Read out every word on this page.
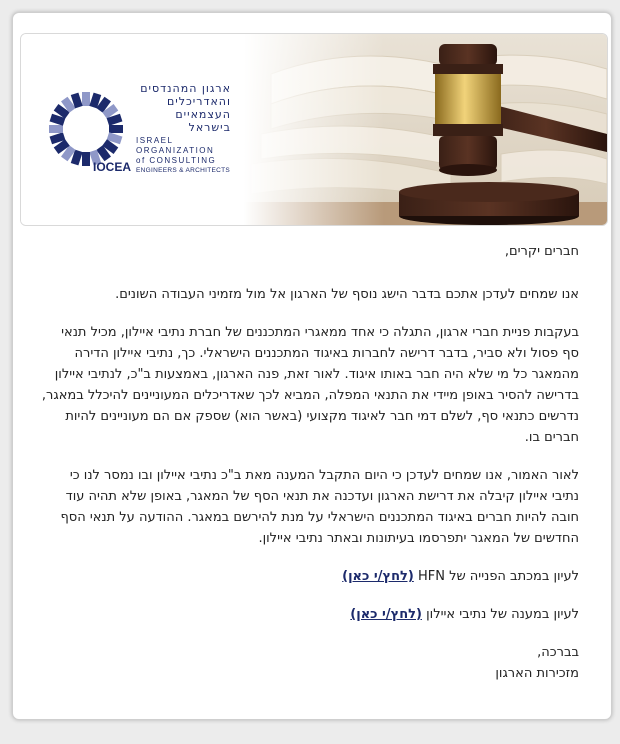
ארגון המהנדסים
והאדריכלים
העצמאיים
בישראל
ISRAEL
ORGANIZATION
of CONSULTING
ENGINEERS & ARCHITECTS
IOCEA

חברים יקרים,

אנו שמחים לעדכן אתכם בדבר הישג נוסף של הארגון אל מול מזמיני העבודה השונים.

בעקבות פניית חברי ארגון, התגלה כי אחד ממאגרי המתכננים של חברת נתיבי איילון, מכיל תנאי סף פסול ולא סביר, בדבר דרישה לחברות באיגוד המתכננים הישראלי. כך, נתיבי איילון הדירה מהמאגר כל מי שלא היה חבר באותו איגוד. לאור זאת, פנה הארגון, באמצעות ב"כ, לנתיבי איילון בדרישה להסיר באופן מיידי את התנאי המפלה, המביא לכך שאדריכלים המעוניינים להיכלל במאגר, נדרשים כתנאי סף, לשלם דמי חבר לאיגוד מקצועי (באשר הוא) שספק אם הם מעוניינים להיות חברים בו.

לאור האמור, אנו שמחים לעדכן כי היום התקבל המענה מאת ב"כ נתיבי איילון ובו נמסר לנו כי נתיבי איילון קיבלה את דרישת הארגון ועדכנה את תנאי הסף של המאגר, באופן שלא תהיה עוד חובה להיות חברים באיגוד המתכננים הישראלי על מנת להירשם במאגר. ההודעה על תנאי הסף החדשים של המאגר יתפרסמו בעיתונות ובאתר נתיבי איילון.

לעיון במכתב הפנייה של HFN (לחץ/י כאן)

לעיון במענה של נתיבי איילון (לחץ/י כאן)

בברכה,
מזכירות הארגון
